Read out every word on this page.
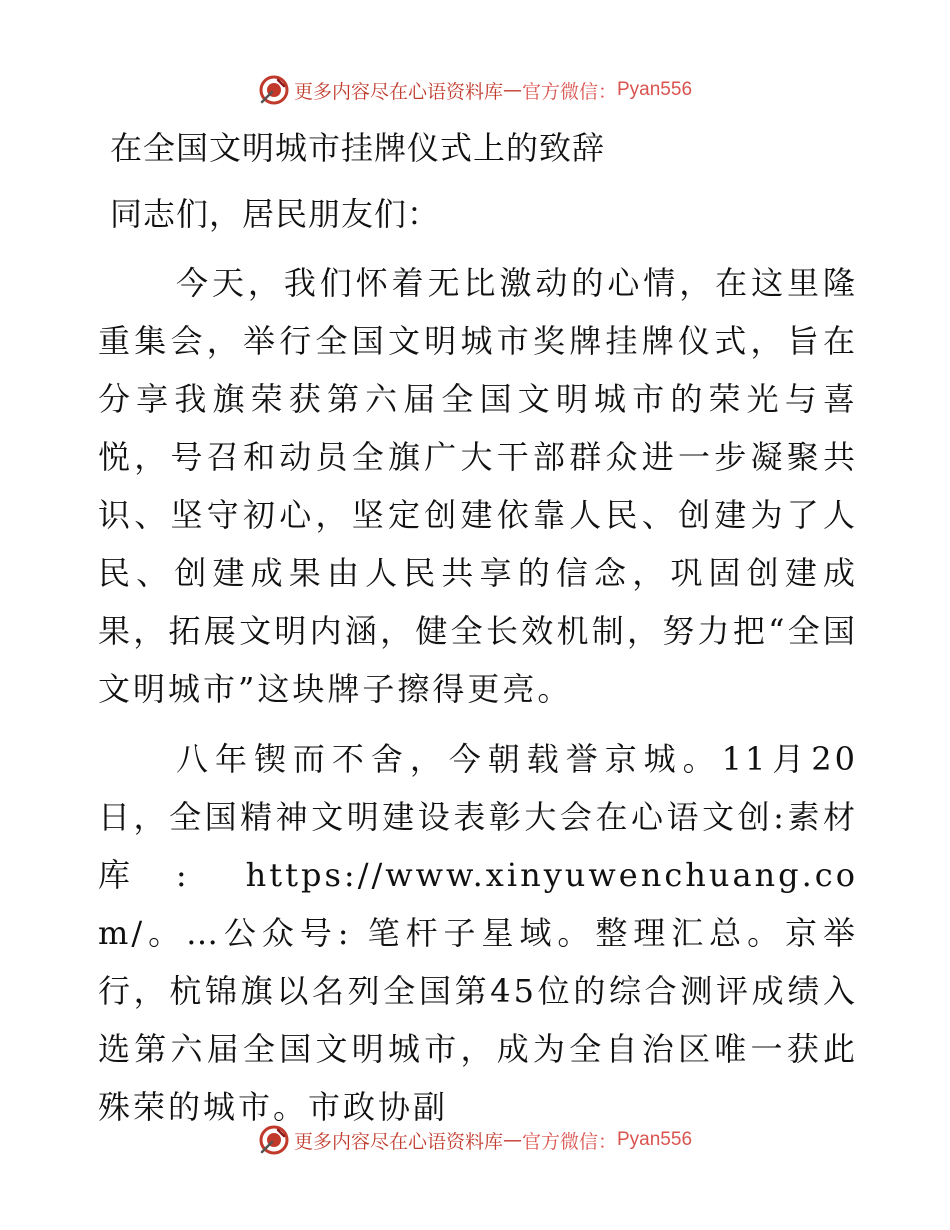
更多内容尽在心语资料库 — 官方微信： Pyan556
在全国文明城市挂牌仪式上的致辞
同志们，居民朋友们：

今天，我们怀着无比激动的心情，在这里隆重集会，举行全国文明城市奖牌挂牌仪式，旨在分享我旗荣获第六届全国文明城市的荣光与喜悦，号召和动员全旗广大干部群众进一步凝聚共识、坚守初心，坚定创建依靠人民、创建为了人民、创建成果由人民共享的信念，巩固创建成果，拓展文明内涵，健全长效机制，努力把“全国文明城市”这块牌子擦得更亮。

八年锲而不舍，今朝载誉京城。11月20日，全国精神文明建设表彰大会在心语文创:素材库: https://www.xinyuwenchuang.com/。…公众号: 笔杆子星域。整理汇总。京举行，杭锦旗以名列全国第45位的综合测评成绩入选第六届全国文明城市，成为全自治区唯一获此殊荣的城市。市政协副

更多内容尽在心语资料库 — 官方微信： Pyan556
